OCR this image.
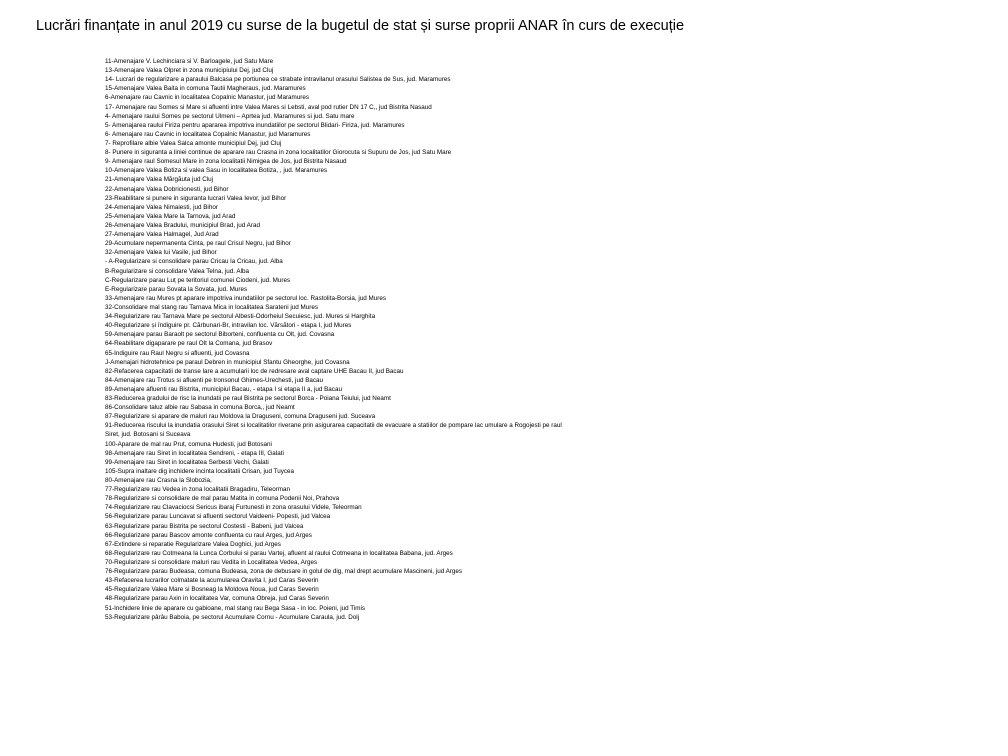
Lucrări finanțate in anul 2019 cu surse de la bugetul de stat și surse proprii ANAR în curs de execuție
11-Amenajare V. Lechinciara si V. Barloagele, jud Satu Mare
13-Amenajare Valea Olpret in zona municipiului Dej, jud Cluj
14- Lucrari de regularizare a paraului Balcasa pe portiunea ce strabate intravilanul orasului Salistea de Sus, jud. Maramures
15-Amenajare Valea Baita in comuna Tautii Magheraus, jud. Maramures
6-Amenajare rau Cavnic in localitatea Copalnic Manastur, jud Maramures
17- Amenajare rau Somes si Mare si afluenti intre Valea Mares si Lebsti, aval pod rutier DN 17 C,, jud Bistrita Nasaud
4- Amenajare raului Somes pe sectorul Ulmeni – Aprtea jud. Maramures si jud. Satu mare
5- Amenajarea raului Firiza pentru apararea impotriva inundatiilor pe sectorul Blidari- Firiza, jud. Maramures
6- Amenajare rau Cavnic in localitatea Copalnic Manastur, jud Maramures
7- Reprofilare albie Valea Salca amonte municipiul Dej, jud Cluj
8- Punere in siguranta a liniei continue de aparare rau Crasna in zona localitatilor Giorocuta si Supuru de Jos, jud Satu Mare
9- Amenajare raul Somesul Mare in zona localitatii Nimigea de Jos, jud Bistrita Nasaud
10-Amenajare Valea Botiza si valea Sasu in localitatea Botiza, , jud. Maramures
21-Amenajare Valea Mărgăuta jud Cluj
22-Amenajare Valea Dobricionesti, jud Bihor
23-Reabilitare si punere in siguranta lucrari Valea Ievor, jud Bihor
24-Amenajare Valea Nimaiesti, jud Bihor
25-Amenajare Valea Mare la Tarnova, jud Arad
26-Amenajare Valea Bradului, municipiul Brad, jud Arad
27-Amenajare Valea Halmagel, Jud Arad
29-Acumulare nepermanenta Cinta, pe raul Crisul Negru, jud Bihor
32-Amenajare Valea lui Vasile, jud Bihor
- A-Regularizare si consolidare parau Cricau la Cricau, jud. Alba
B-Regularizare si consolidare Valea Telna, jud. Alba
C-Regularizare parau Luț pe teritoriul comunei Ciodeni, jud. Mures
E-Regularizare parau Sovata la Sovata, jud. Mures
33-Amenajare rau Mures pt aparare impotriva inundatiilor pe sectorul loc. Rastolita-Borsia, jud Mures
32-Consolidare mal stang rau Tarnava Mica in localitatea Sarateni jud Mures
34-Regularizare rau Tarnava Mare pe sectorul Albesti-Odorheiul Secuiesc, jud. Mures si Harghita
40-Regularizare și îndiguire pr. Cărbunari-Br, intravilan loc. Vărsători - etapa I, jud Mures
59-Amenajare parau Baraolt pe sectorul Biborteni, confluenta cu Olt, jud. Covasna
64-Reabilitare digaparare pe raul Olt la Comana, jud Brasov
65-Indiguire rau Raul Negru si afluenti, jud Covasna
J-Amenajari hidrotehnice pe paraul Debren in municipiul Sfantu Gheorghe, jud Covasna
82-Refacerea capacitatii de transe lare a acumularii loc de redresare aval captare UHE Bacau II, jud Bacau
84-Amenajare rau Trotus si afluenti pe tronsonul Ghimes-Urechesti, jud Bacau
89-Amenajare afluenti rau Bistrita, municipiul Bacau, - etapa I si etapa II a, jud Bacau
83-Reducerea gradului de risc la inundatii pe raul Bistrita pe sectorul Borca - Poiana Teiului, jud Neamt
86-Consolidare taluz albie rau Sabasa in comuna Borca,, jud Neamt
87-Regularizare si aparare de maluri rau Moldova la Draguseni, comuna Draguseni jud. Suceava
91-Reducerea riscului la inundatia orasului Siret si localitatilor riverane prin asigurarea capacitatii de evacuare a statiilor de pompare lac umulare a Rogojesti pe raul
Siret, jud. Botosani si Suceava
100-Aparare de mal rau Prut, comuna Hudesti, jud Botosani
98-Amenajare rau Siret in localitatea Sendreni, - etapa III, Galati
99-Amenajare rau Siret in localitatea Serbesti Vechi, Galati
105-Supra inaltare dig inchidere incinta localitatii Crisan, jud Tuycea
80-Amenajare rau Crasna la Slobozia,
77-Regularizare rau Vedea in zona localitatii Bragadiru, Teleorman
78-Regularizare si consolidare de mal parau Matita in comuna Podenii Noi, Prahova
74-Regularizare rau Clavaciocsi Sericus ibaraj Furtunesti in zona orasului Videle, Teleorman
56-Regularizare parau Luncavat si afluenti sectorul Vaideeni- Popesti, jud Valcea
63-Regularizare parau Bistrita pe sectorul Costesti - Babeni, jud Valcea
66-Regularizare parau Bascov amonte confluenta cu raul Arges, jud Arges
67-Extindere si reparatie Regularizare Valea Doghici, jud Arges
68-Regularizare rau Cotmeana la Lunca Corbului si parau Vartej, afluent al raului Cotmeana in localitatea Babana, jud. Arges
70-Regularizare si consolidare maluri rau Vedita in Localitatea Vedea, Arges
76-Regularizare parau Budeasa, comuna Budeasa, zona de debusare in golul de dig, mal drept acumulare Mascineni, jud Arges
43-Refacerea lucrarilor colmatate la acumularea Oravita I, jud Caras Severin
45-Regularizare Valea Mare si Bosneag la Moldova Noua, jud Caras Severin
48-Regularizare parau Axin in localitatea Var, comuna Obreja, jud Caras Severin
51-Inchidere linie de aparare cu gabioane, mal stang rau Bega Sasa - in loc. Poieni, jud Timis
53-Regularizare pârâu Baboia, pe sectorul Acumulare Cornu - Acumulare Caraula, jud. Dolj
